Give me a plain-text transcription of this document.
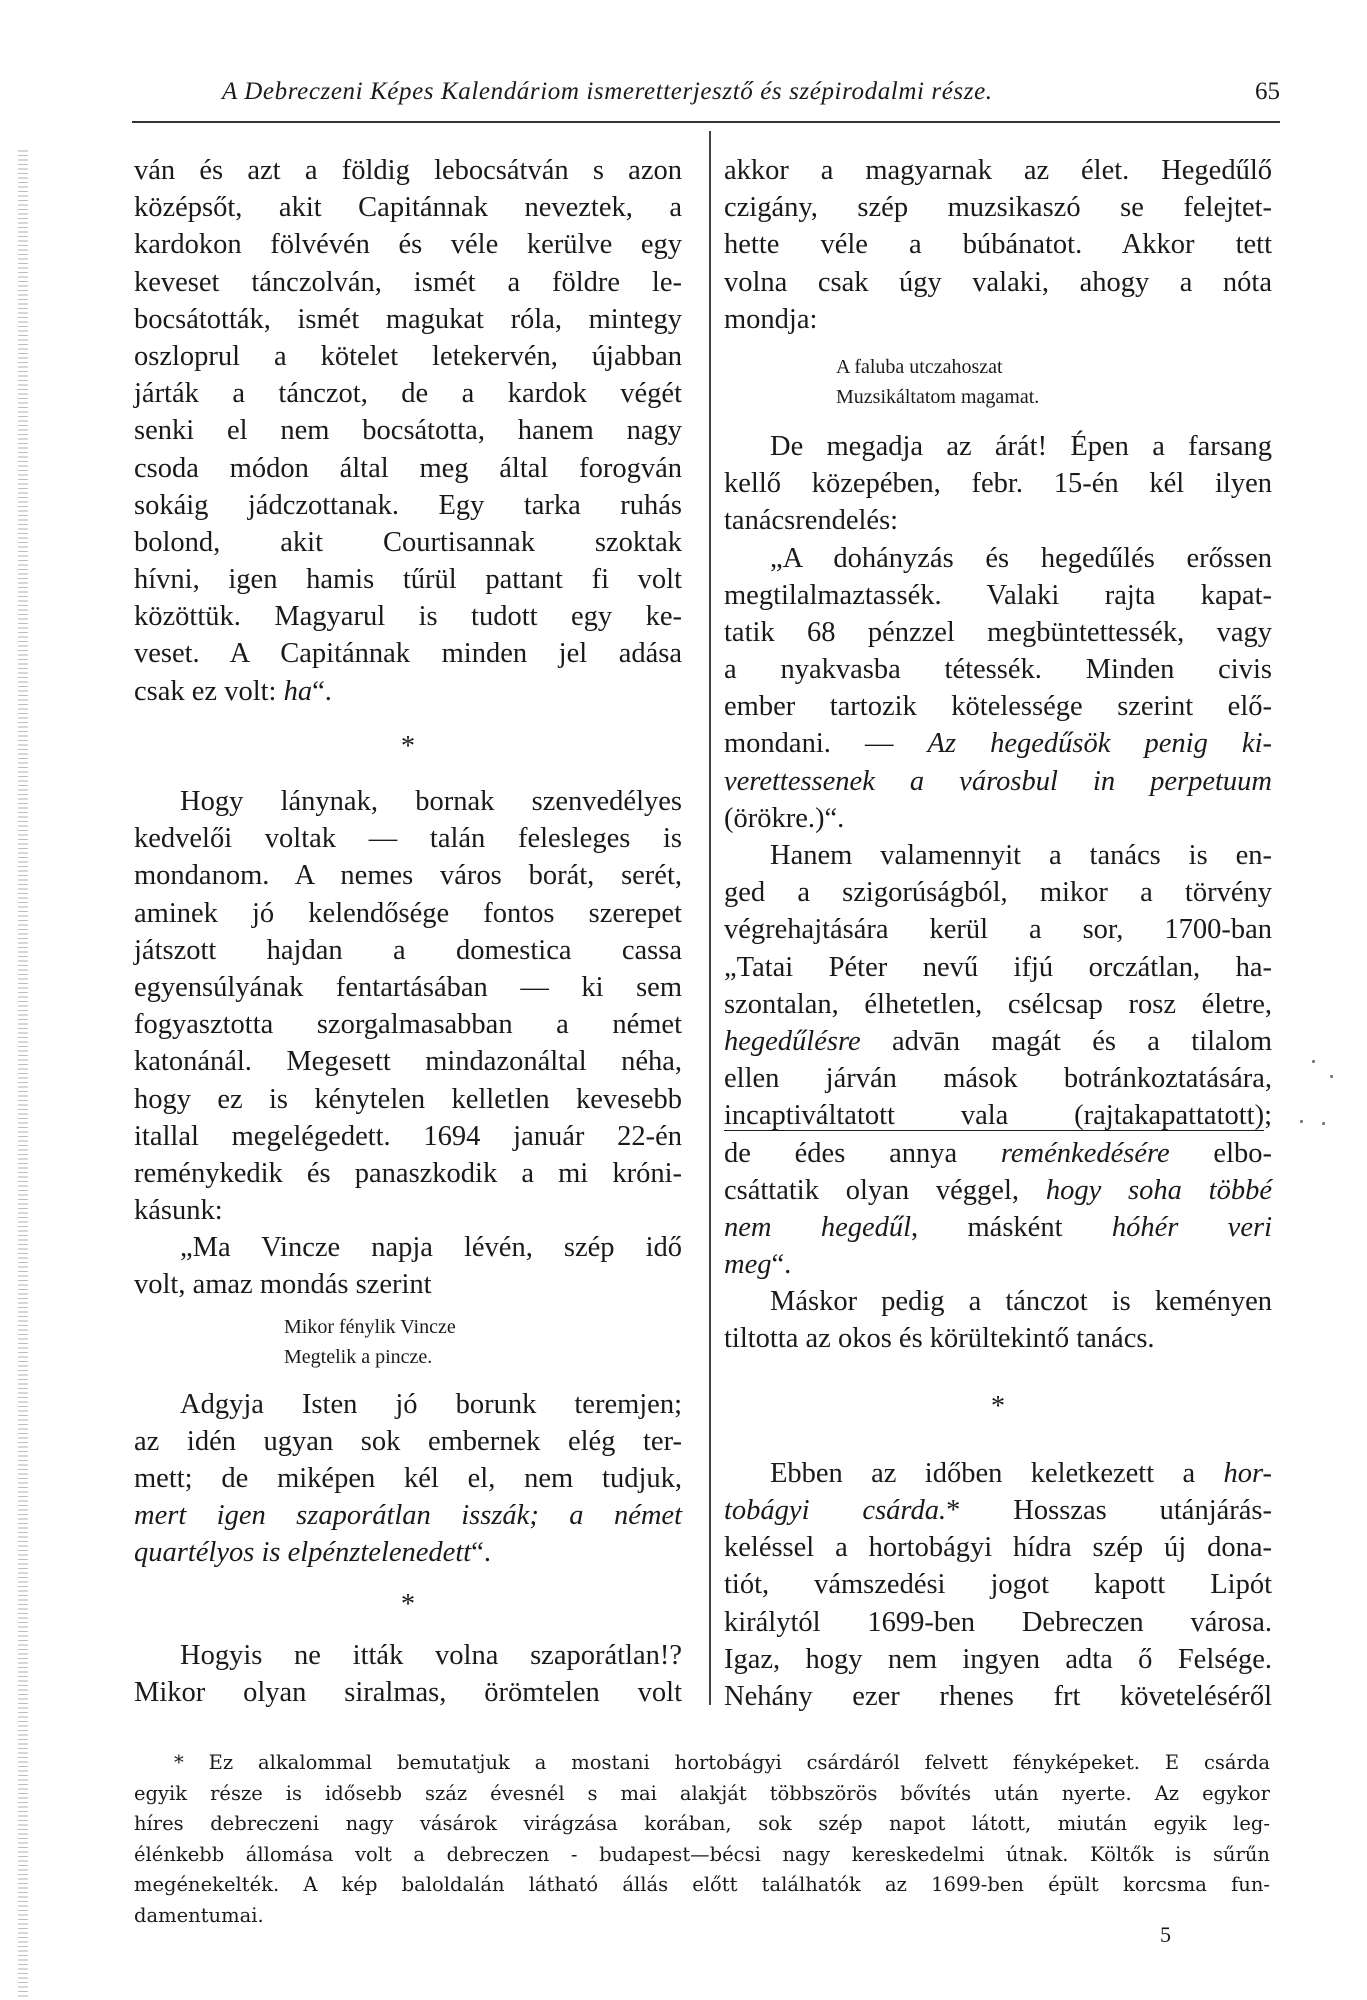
A Debreczeni Képes Kalendáriom ismeretterjesztő és szépirodalmi része.	65
ván és azt a földig lebocsátván s azon
középsőt, akit Capitánnak neveztek, a
kardokon fölvévén és véle kerülve egy
keveset tánczolván, ismét a földre le-
bocsátották, ismét magukat róla, mintegy
oszloprul a kötelet letekervén, újabban
járták a tánczot, de a kardok végét
senki el nem bocsátotta, hanem nagy
csoda módon által meg által forogván
sokáig jádczottanak. Egy tarka ruhás
bolond, akit Courtisannak szoktak
hívni, igen hamis tűrül pattant fi volt
közöttük. Magyarul is tudott egy ke-
veset. A Capitánnak minden jel adása
csak ez volt: ha“.
*
Hogy lánynak, bornak szenvedélyes
kedvelői voltak — talán felesleges is
mondanom. A nemes város borát, serét,
aminek jó kelendősége fontos szerepet
játszott hajdan a domestica cassa
egyensúlyának fentartásában — ki sem
fogyasztotta szorgalmasabban a német
katonánál. Megesett mindazonáltal néha,
hogy ez is kénytelen kelletlen kevesebb
itallal megelégedett. 1694 január 22-én
reménykedik és panaszkodik a mi króni-
kásunk:
„Ma Vincze napja lévén, szép idő
volt, amaz mondás szerint
Mikor fénylik Vincze
Megtelik a pincze.
Adgyja Isten jó borunk teremjen;
az idén ugyan sok embernek elég ter-
mett; de miképen kél el, nem tudjuk,
mert igen szaporátlan isszák; a német
quartélyos is elpénztelenedett“.
*
Hogyis ne itták volna szaporátlan!?
Mikor olyan siralmas, örömtelen volt
akkor a magyarnak az élet. Hegedűlő
czigány, szép muzsikaszó se felejtet-
hette véle a búbánatot. Akkor tett
volna csak úgy valaki, ahogy a nóta
mondja:
A faluba utczahoszat
Muzsikáltatom magamat.
De megadja az árát! Épen a farsang
kellő közepében, febr. 15-én kél ilyen
tanácsrendelés:
„A dohányzás és hegedűlés erőssen
megtilalmaztassék. Valaki rajta kapat-
tatik 68 pénzzel megbüntettessék, vagy
a nyakvasba tétessék. Minden civis
ember tartozik kötelessége szerint elő-
mondani. — Az hegedűsök penig ki-
verettessenek a városbul in perpetuum
(örökre.)“.
Hanem valamennyit a tanács is en-
ged a szigorúságból, mikor a törvény
végrehajtására kerül a sor, 1700-ban
„Tatai Péter nevű ifjú orczátlan, ha-
szontalan, élhetetlen, csélcsap rosz életre,
hegedűlésre advān magát és a tilalom
ellen járván mások botránkoztatására,
incaptiváltatott vala (rajtakapattatott);
de édes annya reménkedésére elbo-
csáttatik olyan véggel, hogy soha többé
nem hegedűl, másként hóhér veri
meg“.
Máskor pedig a tánczot is keményen
tiltotta az okos és körültekintő tanács.
*
Ebben az időben keletkezett a hor-
tobágyi csárda.* Hosszas utánjárás-
keléssel a hortobágyi hídra szép új dona-
tiót, vámszedési jogot kapott Lipót
királytól 1699-ben Debreczen városa.
Igaz, hogy nem ingyen adta ő Felsége.
Nehány ezer rhenes frt követeléséről
* Ez alkalommal bemutatjuk a mostani hortobágyi csárdáról felvett fényképeket. E csárda
egyik része is idősebb száz évesnél s mai alakját többszörös bővítés után nyerte. Az egykor
híres debreczeni nagy vásárok virágzása korában, sok szép napot látott, miután egyik leg-
élénkebb állomása volt a debreczen - budapest—bécsi nagy kereskedelmi útnak. Költők is sűrűn
megénekelték. A kép baloldalán látható állás előtt találhatók az 1699-ben épült korcsma fun-
damentumai.
5
